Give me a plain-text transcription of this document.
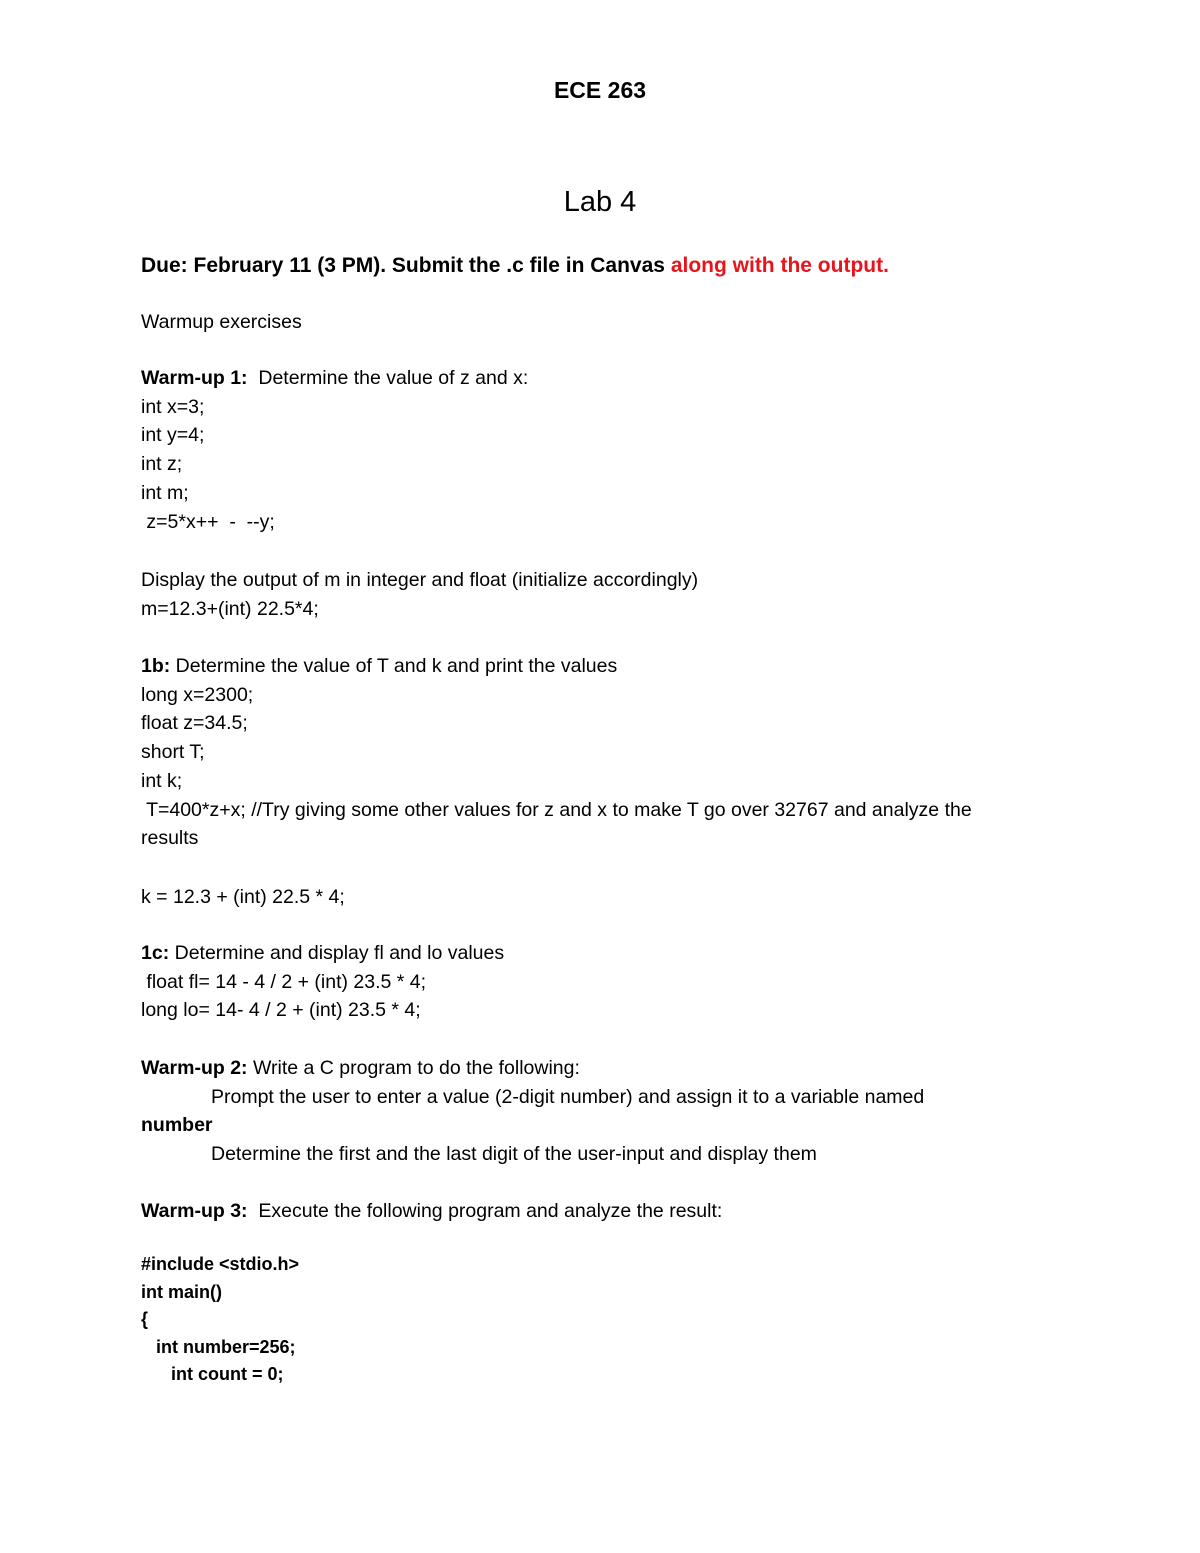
ECE 263
Lab 4
Due: February 11 (3 PM). Submit the .c file in Canvas along with the output.
Warmup exercises
Warm-up 1:  Determine the value of z and x:
int x=3;
int y=4;
int z;
int m;
z=5*x++  -  --y;
Display the output of m in integer and float (initialize accordingly)
m=12.3+(int) 22.5*4;
1b: Determine the value of T and k and print the values
long x=2300;
float z=34.5;
short T;
int k;
T=400*z+x; //Try giving some other values for z and x to make T go over 32767 and analyze the
results
k = 12.3 + (int) 22.5 * 4;
1c: Determine and display fl and lo values
float fl= 14 - 4 / 2 + (int) 23.5 * 4;
long lo= 14- 4 / 2 + (int) 23.5 * 4;
Warm-up 2: Write a C program to do the following:
Prompt the user to enter a value (2-digit number) and assign it to a variable named
number
Determine the first and the last digit of the user-input and display them
Warm-up 3:  Execute the following program and analyze the result:
#include <stdio.h>
int main()
{
int number=256;
int count = 0;
